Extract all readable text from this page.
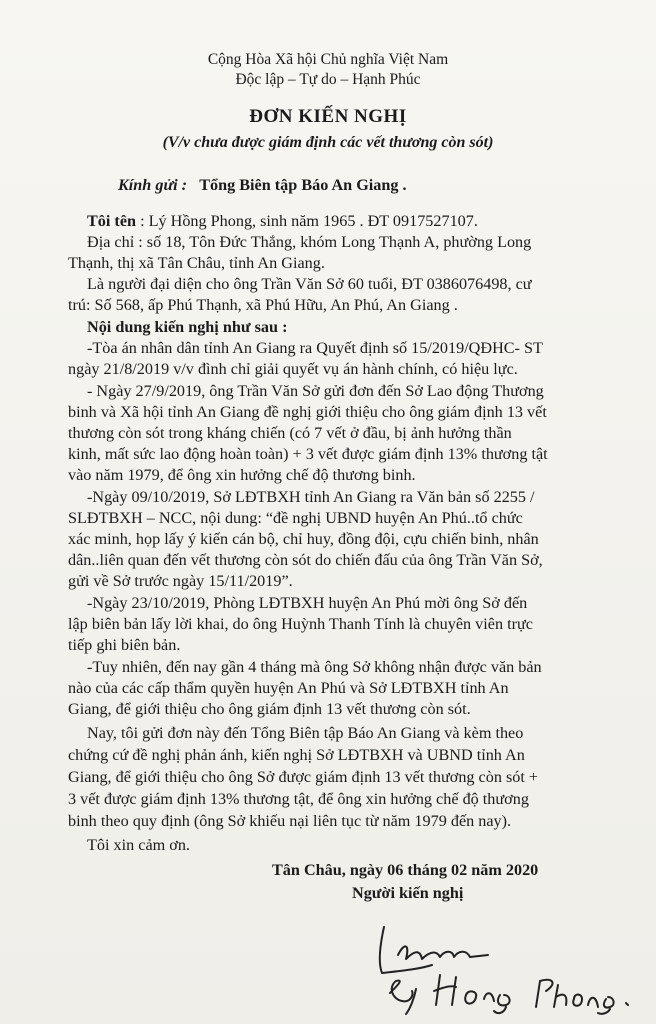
Cộng Hòa Xã hội Chủ nghĩa Việt Nam
Độc lập – Tự do – Hạnh Phúc
ĐƠN KIẾN NGHỊ
(V/v chưa được giám định các vết thương còn sót)
Kính gửi : Tổng Biên tập Báo An Giang .
Tôi tên : Lý Hồng Phong, sinh năm 1965 . ĐT 0917527107.
Địa chỉ : số 18, Tôn Đức Thắng, khóm Long Thạnh A, phường Long
Thạnh, thị xã Tân Châu, tỉnh An Giang.
Là người đại diện cho ông Trần Văn Sở 60 tuổi, ĐT 0386076498, cư
trú: Số 568, ấp Phú Thạnh, xã Phú Hữu, An Phú, An Giang .
Nội dung kiến nghị như sau :
-Tòa án nhân dân tỉnh An Giang ra Quyết định số 15/2019/QĐHC- ST
ngày 21/8/2019 v/v đình chỉ giải quyết vụ án hành chính, có hiệu lực.
- Ngày 27/9/2019, ông Trần Văn Sở gửi đơn đến Sở Lao động Thương
binh và Xã hội tỉnh An Giang đề nghị giới thiệu cho ông giám định 13 vết
thương còn sót trong kháng chiến (có 7 vết ở đầu, bị ảnh hưởng thần
kinh, mất sức lao động hoàn toàn) + 3 vết được giám định 13% thương tật
vào năm 1979, để ông xin hưởng chế độ thương binh.
-Ngày 09/10/2019, Sở LĐTBXH tỉnh An Giang ra Văn bản số 2255 /
SLĐTBXH – NCC, nội dung: “đề nghị UBND huyện An Phú..tổ chức
xác minh, họp lấy ý kiến cán bộ, chỉ huy, đồng đội, cựu chiến binh, nhân
dân..liên quan đến vết thương còn sót do chiến đấu của ông Trần Văn Sở,
gửi về Sở trước ngày 15/11/2019”.
-Ngày 23/10/2019, Phòng LĐTBXH huyện An Phú mời ông Sở đến
lập biên bản lấy lời khai, do ông Huỳnh Thanh Tính là chuyên viên trực
tiếp ghi biên bản.
-Tuy nhiên, đến nay gần 4 tháng mà ông Sở không nhận được văn bản
nào của các cấp thẩm quyền huyện An Phú và Sở LĐTBXH tỉnh An
Giang, để giới thiệu cho ông giám định 13 vết thương còn sót.
Nay, tôi gửi đơn này đến Tổng Biên tập Báo An Giang và kèm theo
chứng cứ đề nghị phản ánh, kiến nghị Sở LĐTBXH và UBND tỉnh An
Giang, để giới thiệu cho ông Sở được giám định 13 vết thương còn sót +
3 vết được giám định 13% thương tật, để ông xin hưởng chế độ thương
binh theo quy định (ông Sở khiếu nại liên tục từ năm 1979 đến nay).
Tôi xin cảm ơn.
Tân Châu, ngày 06 tháng 02 năm 2020
Người kiến nghị
